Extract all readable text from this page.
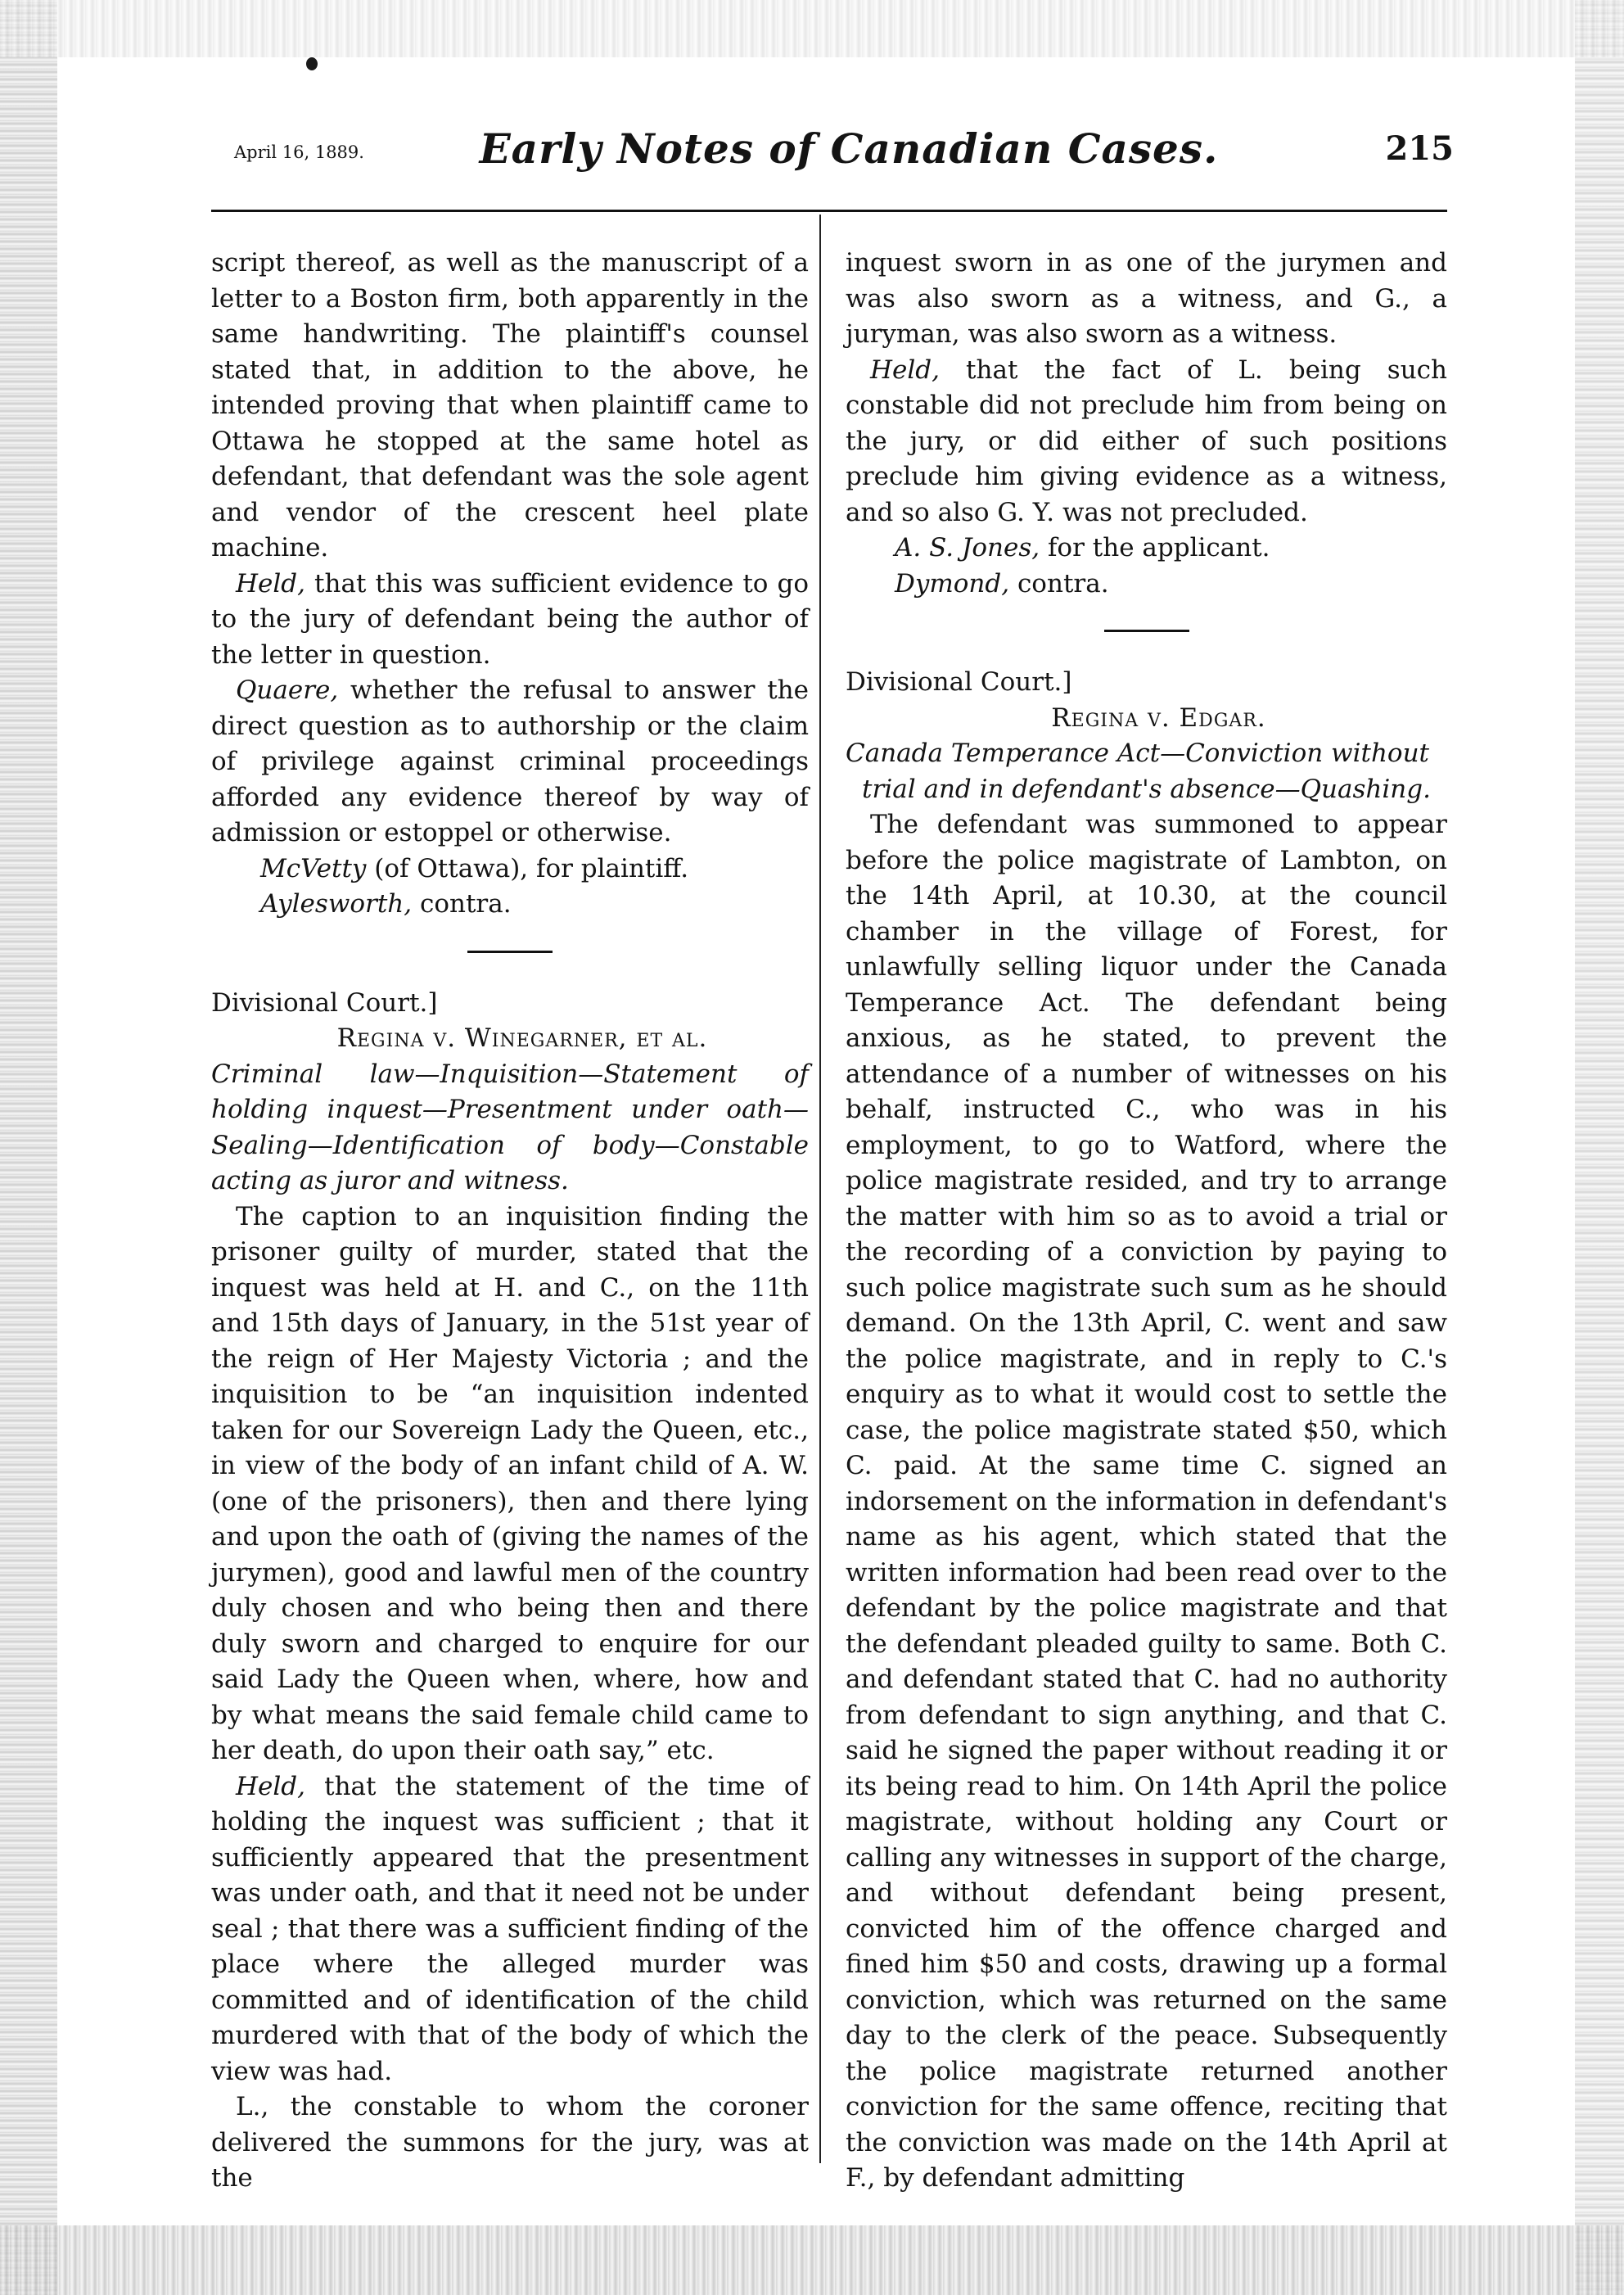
April 16, 1889.	Early Notes of Canadian Cases.	215

script thereof, as well as the manuscript of a letter to a Boston firm, both apparently in the same handwriting. The plaintiff's counsel stated that, in addition to the above, he intended proving that when plaintiff came to Ottawa he stopped at the same hotel as defendant, that defendant was the sole agent and vendor of the crescent heel plate machine.

Held, that this was sufficient evidence to go to the jury of defendant being the author of the letter in question.

Quaere, whether the refusal to answer the direct question as to authorship or the claim of privilege against criminal proceedings afforded any evidence thereof by way of admission or estoppel or otherwise.

McVetty (of Ottawa), for plaintiff.

Aylesworth, contra.

Divisional Court.]

Regina v. Winegarner, et al.

Criminal law—Inquisition—Statement of holding inquest—Presentment under oath—Sealing—Identification of body—Constable acting as juror and witness.

The caption to an inquisition finding the prisoner guilty of murder, stated that the inquest was held at H. and C., on the 11th and 15th days of January, in the 51st year of the reign of Her Majesty Victoria ; and the inquisition to be “an inquisition indented taken for our Sovereign Lady the Queen, etc., in view of the body of an infant child of A. W. (one of the prisoners), then and there lying and upon the oath of (giving the names of the jurymen), good and lawful men of the country duly chosen and who being then and there duly sworn and charged to enquire for our said Lady the Queen when, where, how and by what means the said female child came to her death, do upon their oath say,” etc.

Held, that the statement of the time of holding the inquest was sufficient ; that it sufficiently appeared that the presentment was under oath, and that it need not be under seal ; that there was a sufficient finding of the place where the alleged murder was committed and of identification of the child murdered with that of the body of which the view was had.

L., the constable to whom the coroner delivered the summons for the jury, was at the

inquest sworn in as one of the jurymen and was also sworn as a witness, and G., a juryman, was also sworn as a witness.

Held, that the fact of L. being such constable did not preclude him from being on the jury, or did either of such positions preclude him giving evidence as a witness, and so also G. Y. was not precluded.

A. S. Jones, for the applicant.

Dymond, contra.

Divisional Court.]

Regina v. Edgar.

Canada Temperance Act—Conviction without
trial and in defendant's absence—Quashing.

The defendant was summoned to appear before the police magistrate of Lambton, on the 14th April, at 10.30, at the council chamber in the village of Forest, for unlawfully selling liquor under the Canada Temperance Act. The defendant being anxious, as he stated, to prevent the attendance of a number of witnesses on his behalf, instructed C., who was in his employment, to go to Watford, where the police magistrate resided, and try to arrange the matter with him so as to avoid a trial or the recording of a conviction by paying to such police magistrate such sum as he should demand. On the 13th April, C. went and saw the police magistrate, and in reply to C.'s enquiry as to what it would cost to settle the case, the police magistrate stated $50, which C. paid. At the same time C. signed an indorsement on the information in defendant's name as his agent, which stated that the written information had been read over to the defendant by the police magistrate and that the defendant pleaded guilty to same. Both C. and defendant stated that C. had no authority from defendant to sign anything, and that C. said he signed the paper without reading it or its being read to him. On 14th April the police magistrate, without holding any Court or calling any witnesses in support of the charge, and without defendant being present, convicted him of the offence charged and fined him $50 and costs, drawing up a formal conviction, which was returned on the same day to the clerk of the peace. Subsequently the police magistrate returned another conviction for the same offence, reciting that the conviction was made on the 14th April at F., by defendant admitting
